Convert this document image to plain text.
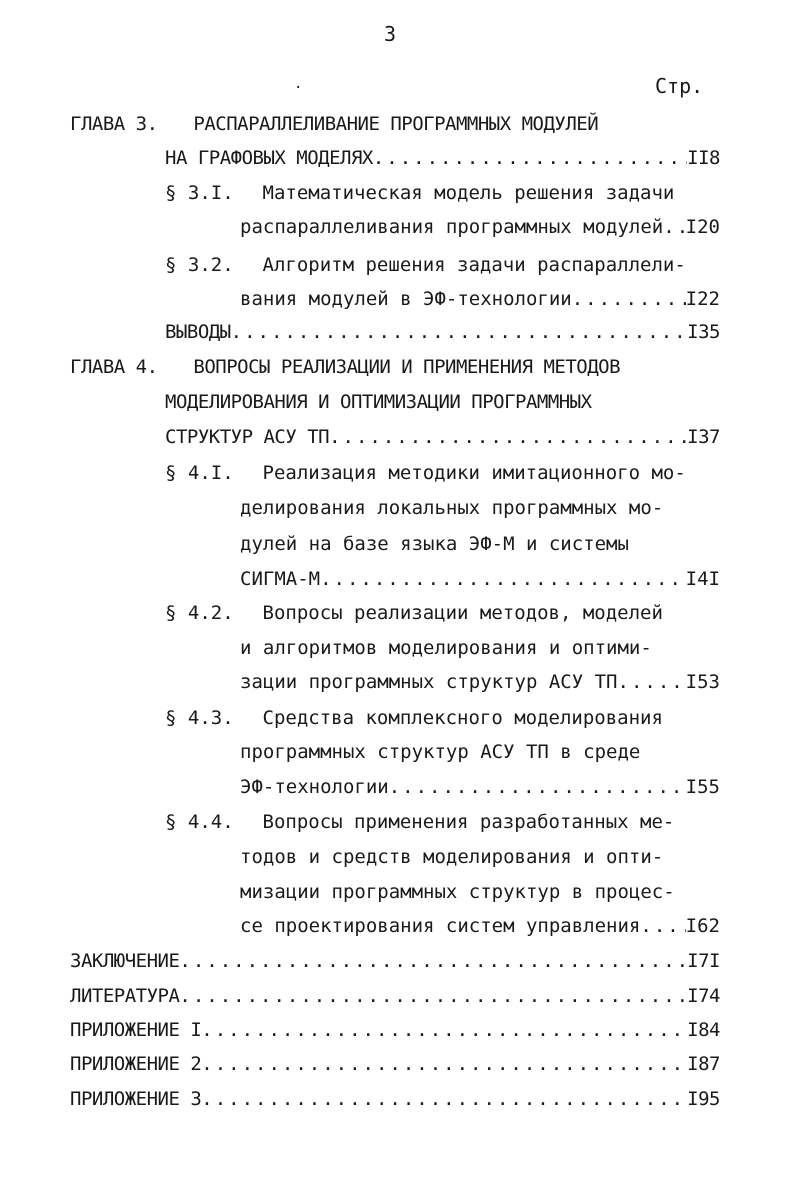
3
.	Стр.
ГЛАВА 3. РАСПАРАЛЛЕЛИВАНИЕ ПРОГРАММНЫХ МОДУЛЕЙ
НА ГРАФОВЫХ МОДЕЛЯХ .....	II8
§ 3.I. Математическая модель решения задачи
распараллеливания программных модулей ..... I20
§ 3.2. Алгоритм решения задачи распараллели-
вания модулей в ЭФ-технологии .....	I22
ВЫВОДЫ .....	I35
ГЛАВА 4. ВОПРОСЫ РЕАЛИЗАЦИИ И ПРИМЕНЕНИЯ МЕТОДОВ
МОДЕЛИРОВАНИЯ И ОПТИМИЗАЦИИ ПРОГРАММНЫХ
СТРУКТУР АСУ ТП .....	I37
§ 4.I. Реализация методики имитационного мо-
делирования локальных программных мо-
дулей на базе языка ЭФ-М и системы
СИГМА-М .....	I4I
§ 4.2. Вопросы реализации методов, моделей
и алгоритмов моделирования и оптими-
зации программных структур АСУ ТП .....	I53
§ 4.3. Средства комплексного моделирования
программных структур АСУ ТП в среде
ЭФ-технологии .....	I55
§ 4.4. Вопросы применения разработанных ме-
тодов и средств моделирования и опти-
мизации программных структур в процес-
се проектирования систем управления ..... I62
ЗАКЛЮЧЕНИЕ .....	I7I
ЛИТЕРАТУРА .....	I74
ПРИЛОЖЕНИЕ I .....	I84
ПРИЛОЖЕНИЕ 2 .....	I87
ПРИЛОЖЕНИЕ 3 .....	I95
